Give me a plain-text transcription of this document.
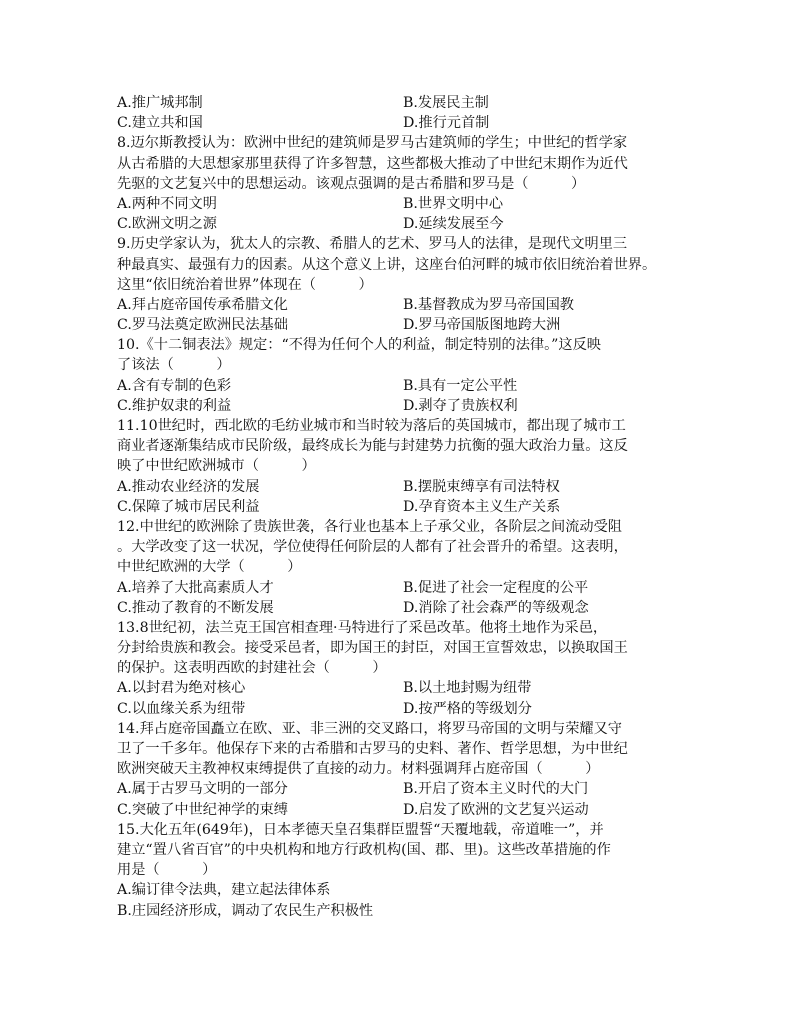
A.推广城邦制	B.发展民主制
C.建立共和国	D.推行元首制
8.迈尔斯教授认为：欧洲中世纪的建筑师是罗马古建筑师的学生；中世纪的哲学家
从古希腊的大思想家那里获得了许多智慧，这些都极大推动了中世纪末期作为近代
先驱的文艺复兴中的思想运动。该观点强调的是古希腊和罗马是（　　　）
A.两种不同文明	B.世界文明中心
C.欧洲文明之源	D.延续发展至今
9.历史学家认为，犹太人的宗教、希腊人的艺术、罗马人的法律，是现代文明里三
种最真实、最强有力的因素。从这个意义上讲，这座台伯河畔的城市依旧统治着世界。
这里“依旧统治着世界”体现在（　　　）
A.拜占庭帝国传承希腊文化	B.基督教成为罗马帝国国教
C.罗马法奠定欧洲民法基础	D.罗马帝国版图地跨大洲
10.《十二铜表法》规定：“不得为任何个人的利益，制定特别的法律。”这反映
了该法（　　　）
A.含有专制的色彩	B.具有一定公平性
C.维护奴隶的利益	D.剥夺了贵族权利
11.10世纪时，西北欧的毛纺业城市和当时较为落后的英国城市，都出现了城市工
商业者逐渐集结成市民阶级，最终成长为能与封建势力抗衡的强大政治力量。这反
映了中世纪欧洲城市（　　　）
A.推动农业经济的发展	B.摆脱束缚享有司法特权
C.保障了城市居民利益	D.孕育资本主义生产关系
12.中世纪的欧洲除了贵族世袭，各行业也基本上子承父业，各阶层之间流动受阻
。大学改变了这一状况，学位使得任何阶层的人都有了社会晋升的希望。这表明，
中世纪欧洲的大学（　　　）
A.培养了大批高素质人才	B.促进了社会一定程度的公平
C.推动了教育的不断发展	D.消除了社会森严的等级观念
13.8世纪初，法兰克王国宫相查理·马特进行了采邑改革。他将土地作为采邑，
分封给贵族和教会。接受采邑者，即为国王的封臣，对国王宣誓效忠，以换取国王
的保护。这表明西欧的封建社会（　　　）
A.以封君为绝对核心	B.以土地封赐为纽带
C.以血缘关系为纽带	D.按严格的等级划分
14.拜占庭帝国矗立在欧、亚、非三洲的交叉路口，将罗马帝国的文明与荣耀又守
卫了一千多年。他保存下来的古希腊和古罗马的史料、著作、哲学思想，为中世纪
欧洲突破天主教神权束缚提供了直接的动力。材料强调拜占庭帝国（　　　）
A.属于古罗马文明的一部分	B.开启了资本主义时代的大门
C.突破了中世纪神学的束缚	D.启发了欧洲的文艺复兴运动
15.大化五年(649年)，日本孝德天皇召集群臣盟誓“天覆地载，帝道唯一”，并
建立“置八省百官”的中央机构和地方行政机构(国、郡、里)。这些改革措施的作
用是（　　　）
A.编订律令法典，建立起法律体系
B.庄园经济形成，调动了农民生产积极性
